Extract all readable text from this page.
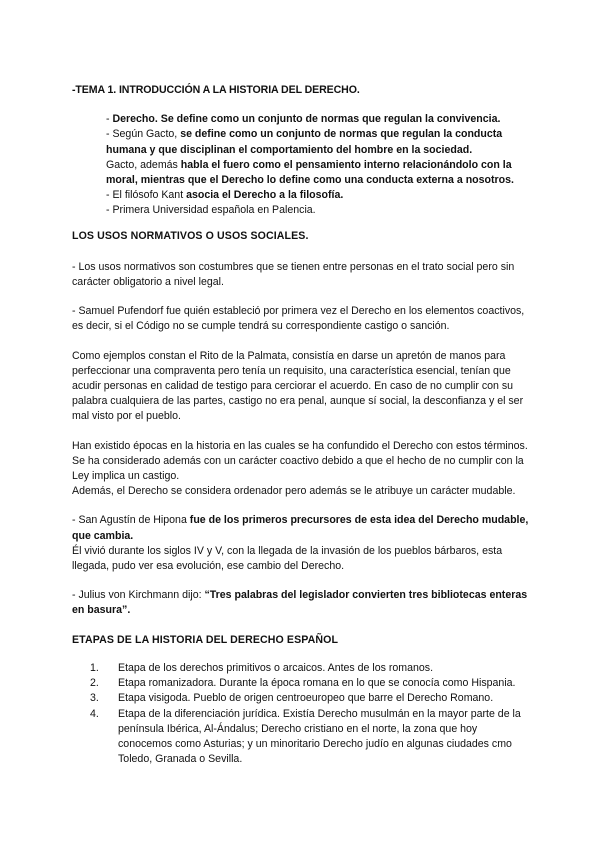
-TEMA 1. INTRODUCCIÓN A LA HISTORIA DEL DERECHO.

- Derecho. Se define como un conjunto de normas que regulan la convivencia.

- Según Gacto, se define como un conjunto de normas que regulan la conducta humana y que disciplinan el comportamiento del hombre en la sociedad.

Gacto, además habla el fuero como el pensamiento interno relacionándolo con la moral, mientras que el Derecho lo define como una conducta externa a nosotros.

- El filósofo Kant asocia el Derecho a la filosofía.

- Primera Universidad española en Palencia.

LOS USOS NORMATIVOS O USOS SOCIALES.

- Los usos normativos son costumbres que se tienen entre personas en el trato social pero sin carácter obligatorio a nivel legal.

- Samuel Pufendorf fue quién estableció por primera vez el Derecho en los elementos coactivos, es decir, si el Código no se cumple tendrá su correspondiente castigo o sanción.

Como ejemplos constan el Rito de la Palmata, consistía en darse un apretón de manos para perfeccionar una compraventa pero tenía un requisito, una característica esencial, tenían que acudir personas en calidad de testigo para cerciorar el acuerdo. En caso de no cumplir con su palabra cualquiera de las partes, castigo no era penal, aunque sí social, la desconfianza y el ser mal visto por el pueblo.

Han existido épocas en la historia en las cuales se ha confundido el Derecho con estos términos. Se ha considerado además con un carácter coactivo debido a que el hecho de no cumplir con la Ley implica un castigo.

Además, el Derecho se considera ordenador pero además se le atribuye un carácter mudable.

- San Agustín de Hipona fue de los primeros precursores de esta idea del Derecho mudable, que cambia.

Él vivió durante los siglos IV y V, con la llegada de la invasión de los pueblos bárbaros, esta llegada, pudo ver esa evolución, ese cambio del Derecho.

- Julius von Kirchmann dijo: “Tres palabras del legislador convierten tres bibliotecas enteras en basura”.

ETAPAS DE LA HISTORIA DEL DERECHO ESPAÑOL
1.	Etapa de los derechos primitivos o arcaicos. Antes de los romanos.
2.	Etapa romanizadora. Durante la época romana en lo que se conocía como Hispania.
3.	Etapa visigoda. Pueblo de origen centroeuropeo que barre el Derecho Romano.
4.	Etapa de la diferenciación jurídica. Existía Derecho musulmán en la mayor parte de la península Ibérica, Al-Ándalus; Derecho cristiano en el norte, la zona que hoy conocemos como Asturias; y un minoritario Derecho judío en algunas ciudades cmo Toledo, Granada o Sevilla.
